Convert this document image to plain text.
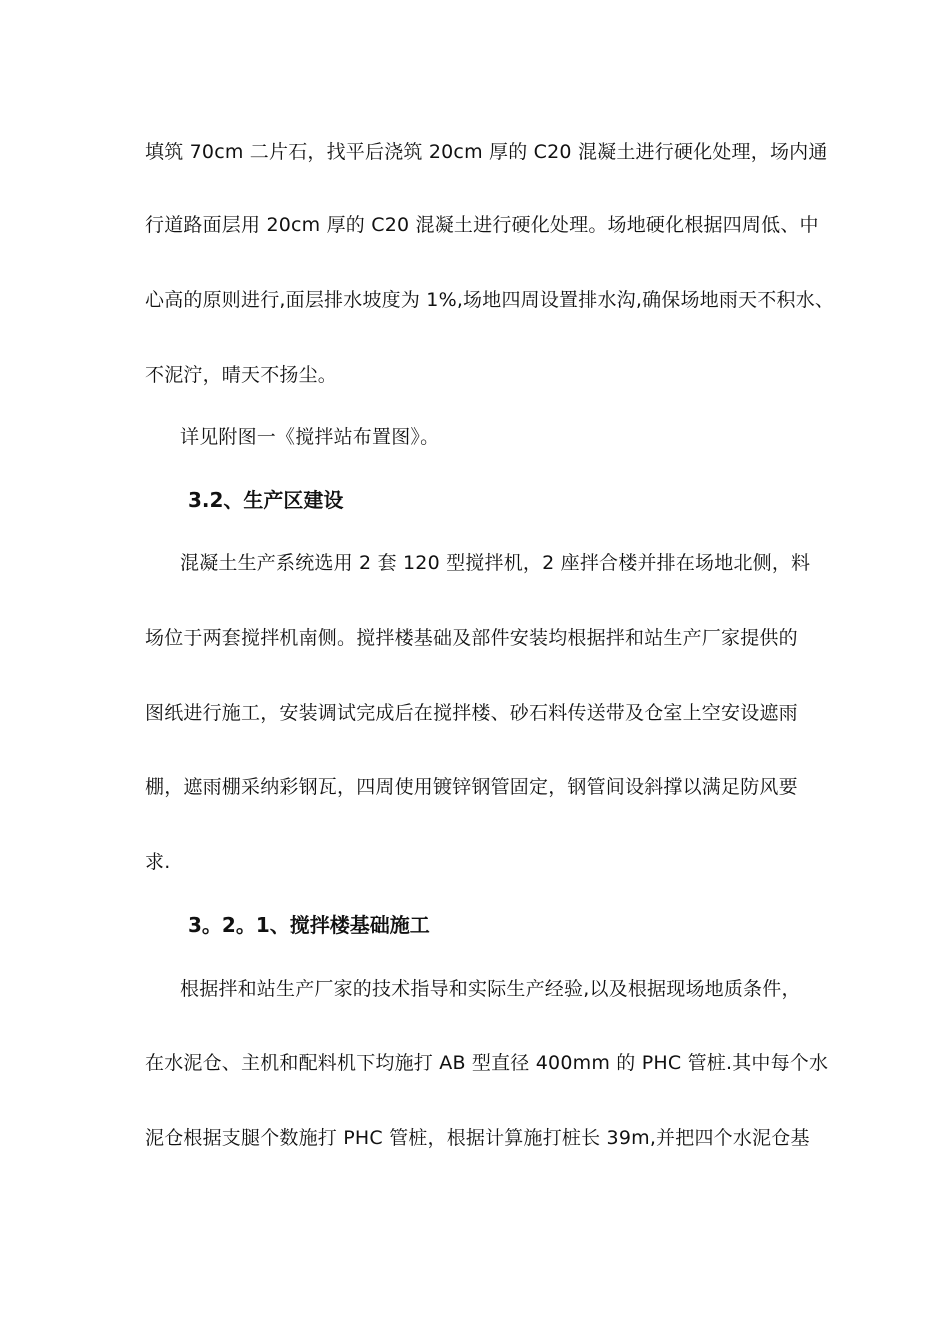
填筑 70cm 二片石，找平后浇筑 20cm 厚的 C20 混凝土进行硬化处理，场内通
行道路面层用 20cm 厚的 C20 混凝土进行硬化处理。场地硬化根据四周低、中
心高的原则进行,面层排水坡度为 1%,场地四周设置排水沟,确保场地雨天不积水、
不泥泞，晴天不扬尘。
详见附图一《搅拌站布置图》。
3.2、生产区建设
混凝土生产系统选用 2 套 120 型搅拌机，2 座拌合楼并排在场地北侧，料
场位于两套搅拌机南侧。搅拌楼基础及部件安装均根据拌和站生产厂家提供的
图纸进行施工，安装调试完成后在搅拌楼、砂石料传送带及仓室上空安设遮雨
棚，遮雨棚采纳彩钢瓦，四周使用镀锌钢管固定，钢管间设斜撑以满足防风要
求.
3。2。1、搅拌楼基础施工
根据拌和站生产厂家的技术指导和实际生产经验,以及根据现场地质条件，
在水泥仓、主机和配料机下均施打 AB 型直径 400mm 的 PHC 管桩.其中每个水
泥仓根据支腿个数施打 PHC 管桩，根据计算施打桩长 39m,并把四个水泥仓基
